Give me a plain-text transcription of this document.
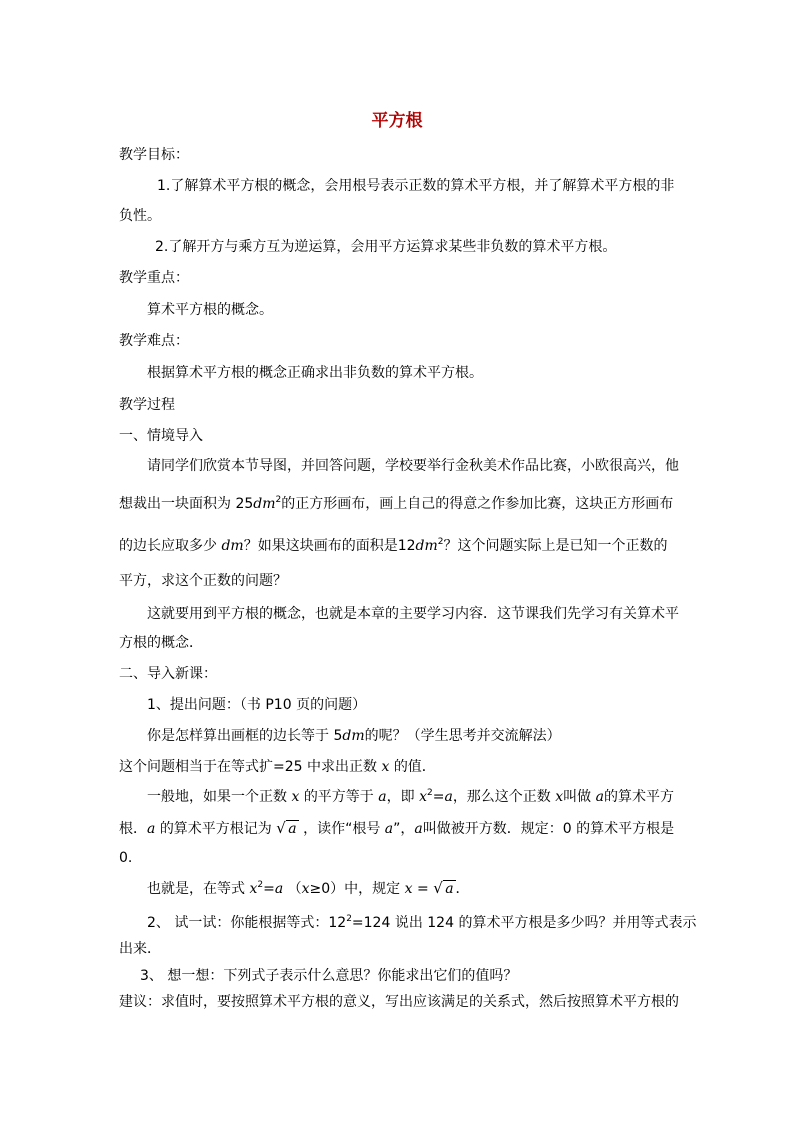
平方根
教学目标：
1.了解算术平方根的概念，会用根号表示正数的算术平方根，并了解算术平方根的非
负性。
2.了解开方与乘方互为逆运算，会用平方运算求某些非负数的算术平方根。
教学重点：
算术平方根的概念。
教学难点：
根据算术平方根的概念正确求出非负数的算术平方根。
教学过程
一、情境导入
请同学们欣赏本节导图，并回答问题，学校要举行金秋美术作品比赛，小欧很高兴，他
想裁出一块面积为 $25dm^2$的正方形画布，画上自己的得意之作参加比赛，这块正方形画布
的边长应取多少 dm？如果这块画布的面积是$12dm^2$？这个问题实际上是已知一个正数的
平方，求这个正数的问题？
这就要用到平方根的概念，也就是本章的主要学习内容．这节课我们先学习有关算术平
方根的概念．
二、导入新课：
1、提出问题：（书 P10 页的问题）
你是怎样算出画框的边长等于 5dm的呢？（学生思考并交流解法）
这个问题相当于在等式扩=25 中求出正数 x 的值．
一般地，如果一个正数 x 的平方等于 a，即 $x^2=a$，那么这个正数 x叫做 a的算术平方
根．a 的算术平方根记为 √ a ，读作“根号 a”，a叫做被开方数．规定：0 的算术平方根是
0.
也就是，在等式 $x^2=a$ （x≥0）中，规定 x = √ a ．
2、 试一试：你能根据等式：$12^2=124$ 说出 124 的算术平方根是多少吗？并用等式表示
出来．
3、 想一想：下列式子表示什么意思？你能求出它们的值吗？
建议：求值时，要按照算术平方根的意义，写出应该满足的关系式，然后按照算术平方根的
